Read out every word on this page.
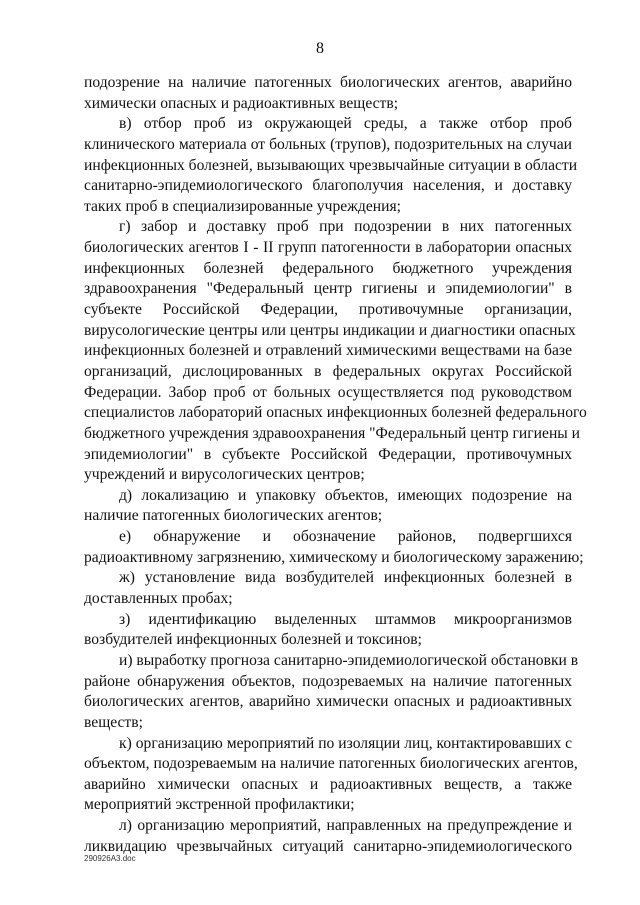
8
подозрение на наличие патогенных биологических агентов, аварийно
химически опасных и радиоактивных веществ;
в) отбор проб из окружающей среды, а также отбор проб
клинического материала от больных (трупов), подозрительных на случаи
инфекционных болезней, вызывающих чрезвычайные ситуации в области
санитарно-эпидемиологического благополучия населения, и доставку
таких проб в специализированные учреждения;
г) забор и доставку проб при подозрении в них патогенных
биологических агентов I - II групп патогенности в лаборатории опасных
инфекционных болезней федерального бюджетного учреждения
здравоохранения "Федеральный центр гигиены и эпидемиологии" в
субъекте Российской Федерации, противочумные организации,
вирусологические центры или центры индикации и диагностики опасных
инфекционных болезней и отравлений химическими веществами на базе
организаций, дислоцированных в федеральных округах Российской
Федерации. Забор проб от больных осуществляется под руководством
специалистов лабораторий опасных инфекционных болезней федерального
бюджетного учреждения здравоохранения "Федеральный центр гигиены и
эпидемиологии" в субъекте Российской Федерации, противочумных
учреждений и вирусологических центров;
д) локализацию и упаковку объектов, имеющих подозрение на
наличие патогенных биологических агентов;
е) обнаружение и обозначение районов, подвергшихся
радиоактивному загрязнению, химическому и биологическому заражению;
ж) установление вида возбудителей инфекционных болезней в
доставленных пробах;
з) идентификацию выделенных штаммов микроорганизмов
возбудителей инфекционных болезней и токсинов;
и) выработку прогноза санитарно-эпидемиологической обстановки в
районе обнаружения объектов, подозреваемых на наличие патогенных
биологических агентов, аварийно химически опасных и радиоактивных
веществ;
к) организацию мероприятий по изоляции лиц, контактировавших с
объектом, подозреваемым на наличие патогенных биологических агентов,
аварийно химически опасных и радиоактивных веществ, а также
мероприятий экстренной профилактики;
л) организацию мероприятий, направленных на предупреждение и
ликвидацию чрезвычайных ситуаций санитарно-эпидемиологического
290926A3.doc
